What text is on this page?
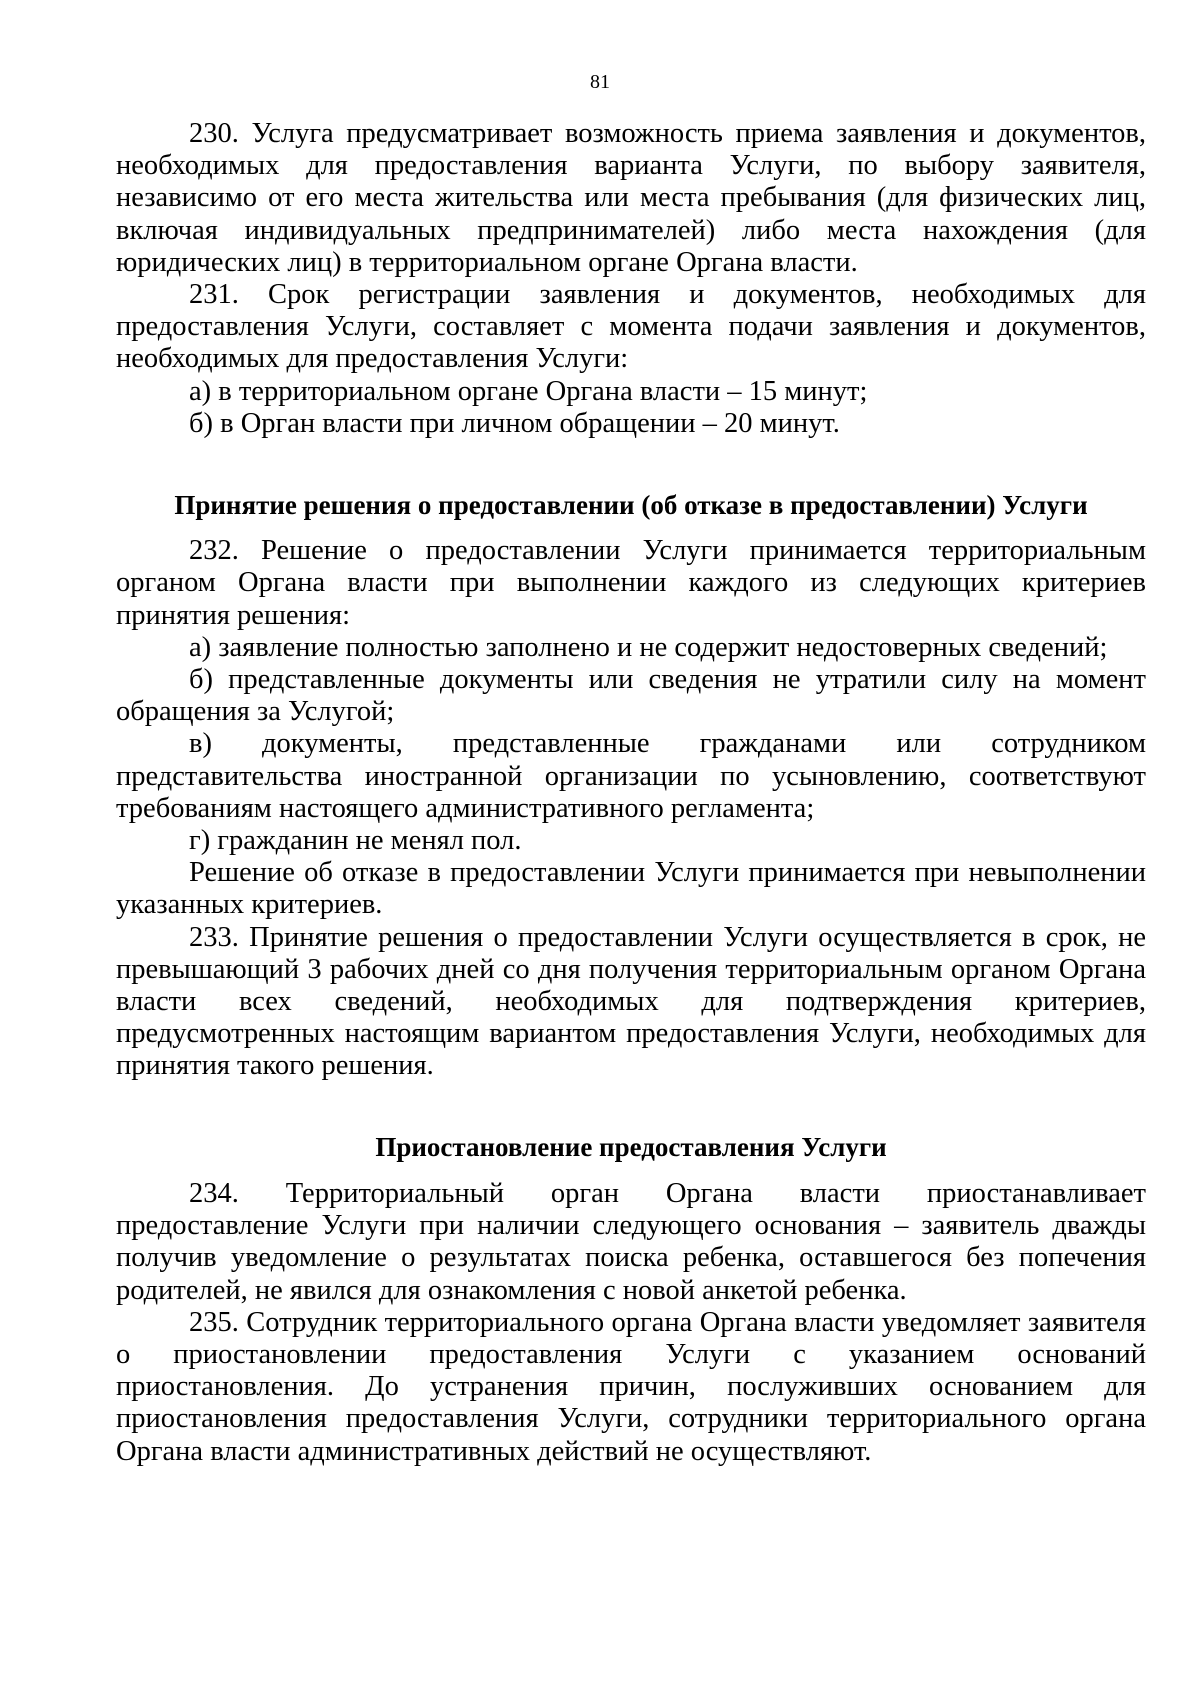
81

230. Услуга предусматривает возможность приема заявления и документов, необходимых для предоставления варианта Услуги, по выбору заявителя, независимо от его места жительства или места пребывания (для физических лиц, включая индивидуальных предпринимателей) либо места нахождения (для юридических лиц) в территориальном органе Органа власти.

231. Срок регистрации заявления и документов, необходимых для предоставления Услуги, составляет с момента подачи заявления и документов, необходимых для предоставления Услуги:

а) в территориальном органе Органа власти – 15 минут;

б) в Орган власти при личном обращении – 20 минут.

Принятие решения о предоставлении (об отказе в предоставлении) Услуги

232. Решение о предоставлении Услуги принимается территориальным органом Органа власти при выполнении каждого из следующих критериев принятия решения:

а) заявление полностью заполнено и не содержит недостоверных сведений;

б) представленные документы или сведения не утратили силу на момент обращения за Услугой;

в) документы, представленные гражданами или сотрудником представительства иностранной организации по усыновлению, соответствуют требованиям настоящего административного регламента;

г) гражданин не менял пол.

Решение об отказе в предоставлении Услуги принимается при невыполнении указанных критериев.

233. Принятие решения о предоставлении Услуги осуществляется в срок, не превышающий 3 рабочих дней со дня получения территориальным органом Органа власти всех сведений, необходимых для подтверждения критериев, предусмотренных настоящим вариантом предоставления Услуги, необходимых для принятия такого решения.

Приостановление предоставления Услуги

234. Территориальный орган Органа власти приостанавливает предоставление Услуги при наличии следующего основания – заявитель дважды получив уведомление о результатах поиска ребенка, оставшегося без попечения родителей, не явился для ознакомления с новой анкетой ребенка.

235. Сотрудник территориального органа Органа власти уведомляет заявителя о приостановлении предоставления Услуги с указанием оснований приостановления. До устранения причин, послуживших основанием для приостановления предоставления Услуги, сотрудники территориального органа Органа власти административных действий не осуществляют.
